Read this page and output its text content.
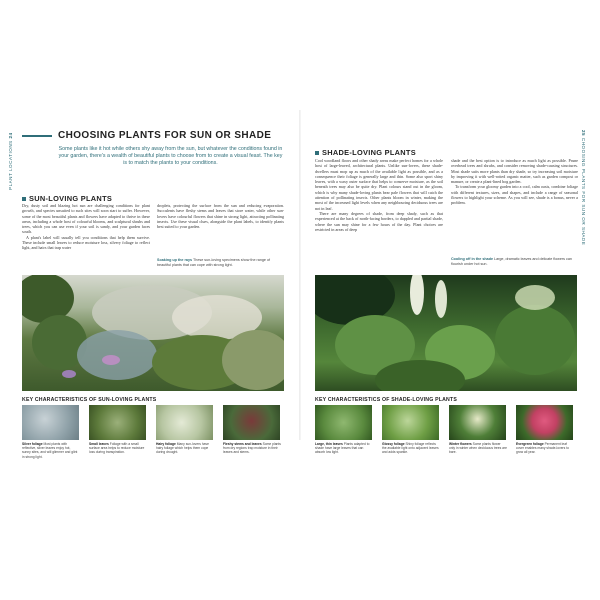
PLANT LOCATIONS 24	CHOOSING PLANTS FOR SUN OR SHADE
Some plants like it hot while others shy away from the sun, but whatever the conditions found in your garden, there's a wealth of beautiful plants to choose from to create a visual feast. The key is to match the plants to your conditions.
SUN-LOVING PLANTS

Dry, dusty soil and blazing hot sun are challenging conditions for plant growth, and species unsuited to such sites will soon start to suffer. However, some of the most beautiful plants and flowers have adapted to thrive in these areas, including a whole host of colourful blooms, and sculptural shrubs and trees, which you can use even if your soil is sandy, and your garden faces south.

A plant's label will usually tell you conditions that help them survive. These include small leaves to reduce moisture loss, silvery foliage to reflect light, and hairs that trap water

droplets, protecting the surface from the sun and reducing evaporation. Succulents have fleshy stems and leaves that store water, while other sun-lovers have colourful flowers that shine in strong light, attracting pollinating insects. Use these visual clues, alongside the plant labels, to identify plants best suited to your garden.

Soaking up the rays These sun-loving specimens show the range of beautiful plants that can cope with strong light.
KEY CHARACTERISTICS OF SUN-LOVING PLANTS
Silver foliage Most plants with reflective, silver leaves enjoy hot, sunny sites, and will glimmer and glint in strong light.
Small leaves Foliage with a small surface area helps to reduce moisture loss during transpiration.
Hairy foliage Many sun-lovers have hairy foliage which helps them cope during drought.
Fleshy stems and leaves Some plants from dry regions trap moisture in their leaves and stems.
25 CHOOSING PLANTS FOR SUN OR SHADE
SHADE-LOVING PLANTS

Cool woodland floors and other shady areas make perfect homes for a whole host of large-leaved, architectural plants. Unlike sun-lovers, these shade-dwellers must mop up as much of the available light as possible, and as a consequence their foliage is generally large and thin. Some also sport shiny leaves, with a waxy outer surface that helps to conserve moisture, as the soil beneath trees may also be quite dry. Plant colours stand out in the gloom, which is why many shade-loving plants bear pale flowers that will catch the attention of pollinating insects. Other plants bloom in winter, making the most of the increased light levels when any neighbouring deciduous trees are not in leaf.

There are many degrees of shade, from deep shady, such as that experienced at the back of north-facing borders, to dappled and partial shade, where the sun may shine for a few hours of the day. Plant choices are restricted in areas of deep

shade and the best option is to introduce as much light as possible. Prune overhead trees and shrubs, and consider removing shade-causing structures. Most shade suits more plants than dry shade, so try increasing soil moisture by improving it with well-rotted organic matter, such as garden compost or manure, or create a plant-lined bog garden.

To transform your gloomy garden into a cool, calm oasis, combine foliage with different textures, sizes, and shapes, and include a range of seasonal flowers to highlight your scheme. As you will see, shade is a bonus, never a problem.

Cooling off in the shade Large, dramatic leaves and delicate flowers can flourish under hot sun.
KEY CHARACTERISTICS OF SHADE-LOVING PLANTS
Large, thin leaves Plants adapted to shade have large leaves that can absorb low light.
Glossy foliage Shiny foliage reflects the available light onto adjacent leaves and adds sparkle.
Winter flowers Some plants flower only in winter when deciduous trees are bare.
Evergreen foliage Permanent leaf cover enables many shade-lovers to grow all year.
